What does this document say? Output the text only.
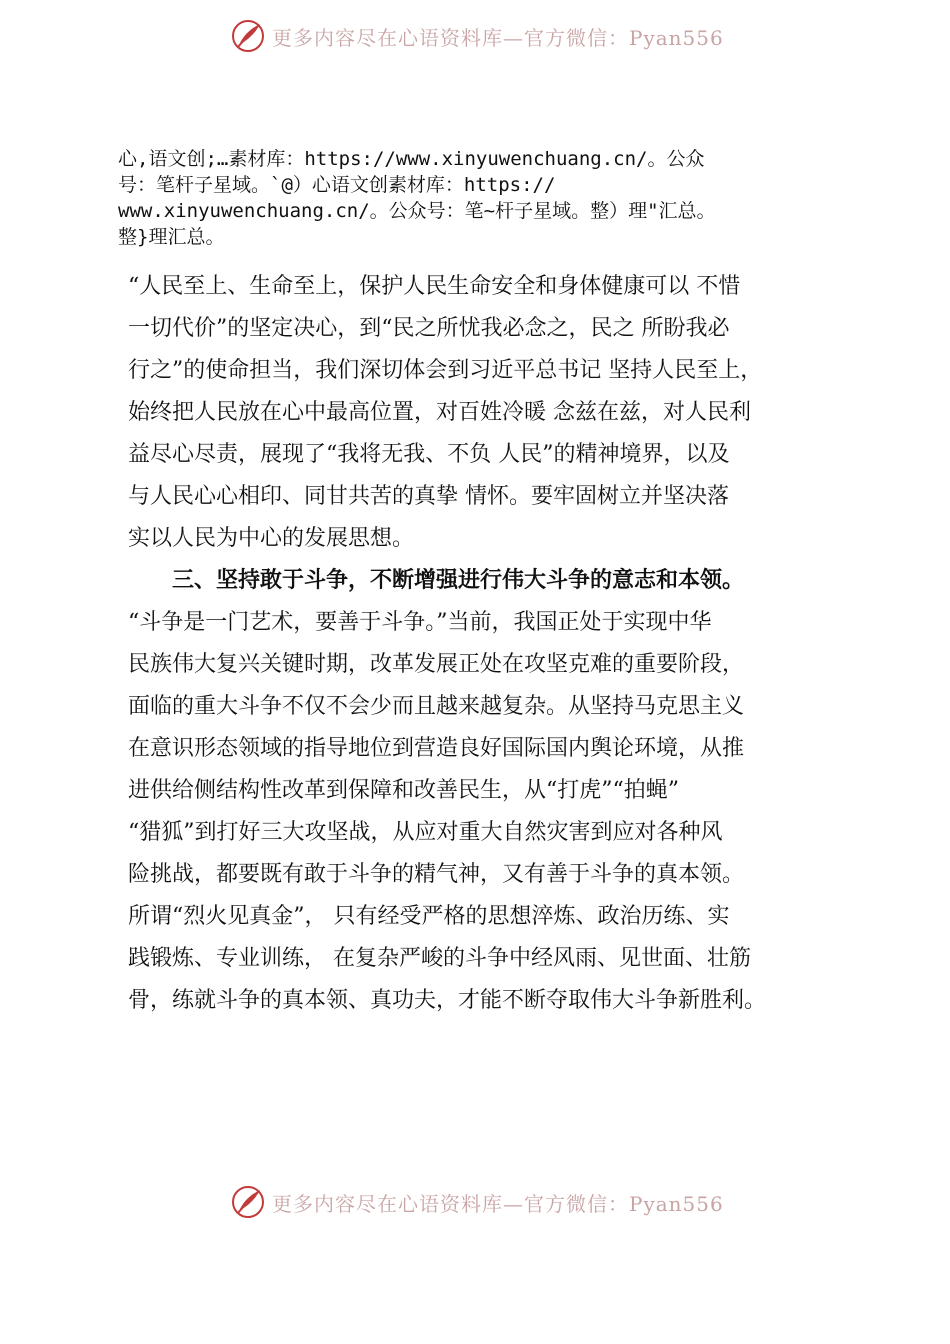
更多内容尽在心语资料库—官方微信：Pyan556
心,语文创;…素材库：https://www.xinyuwenchuang.cn/。公众
号：笔杆子星域。`@）心语文创素材库：https://
www.xinyuwenchuang.cn/。公众号：笔~杆子星域。整）理"汇总。
整}理汇总。
“人民至上、生命至上，保护人民生命安全和身体健康可以 不惜
一切代价”的坚定决心，到“民之所忧我必念之，民之 所盼我必
行之”的使命担当，我们深切体会到习近平总书记 坚持人民至上，
始终把人民放在心中最高位置，对百姓冷暖 念兹在兹，对人民利
益尽心尽责，展现了“我将无我、不负 人民”的精神境界，以及
与人民心心相印、同甘共苦的真挚 情怀。要牢固树立并坚决落
实以人民为中心的发展思想。
三、坚持敢于斗争，不断增强进行伟大斗争的意志和本领。
“斗争是一门艺术，要善于斗争。”当前，我国正处于实现中华
民族伟大复兴关键时期，改革发展正处在攻坚克难的重要阶段，
面临的重大斗争不仅不会少而且越来越复杂。从坚持马克思主义
在意识形态领域的指导地位到营造良好国际国内舆论环境，从推
进供给侧结构性改革到保障和改善民生，从“打虎”“拍蝇”
“猎狐”到打好三大攻坚战，从应对重大自然灾害到应对各种风
险挑战，都要既有敢于斗争的精气神，又有善于斗争的真本领。
所谓“烈火见真金”， 只有经受严格的思想淬炼、政治历练、实
践锻炼、专业训练， 在复杂严峻的斗争中经风雨、见世面、壮筋
骨，练就斗争的真本领、真功夫，才能不断夺取伟大斗争新胜利。
更多内容尽在心语资料库—官方微信：Pyan556
